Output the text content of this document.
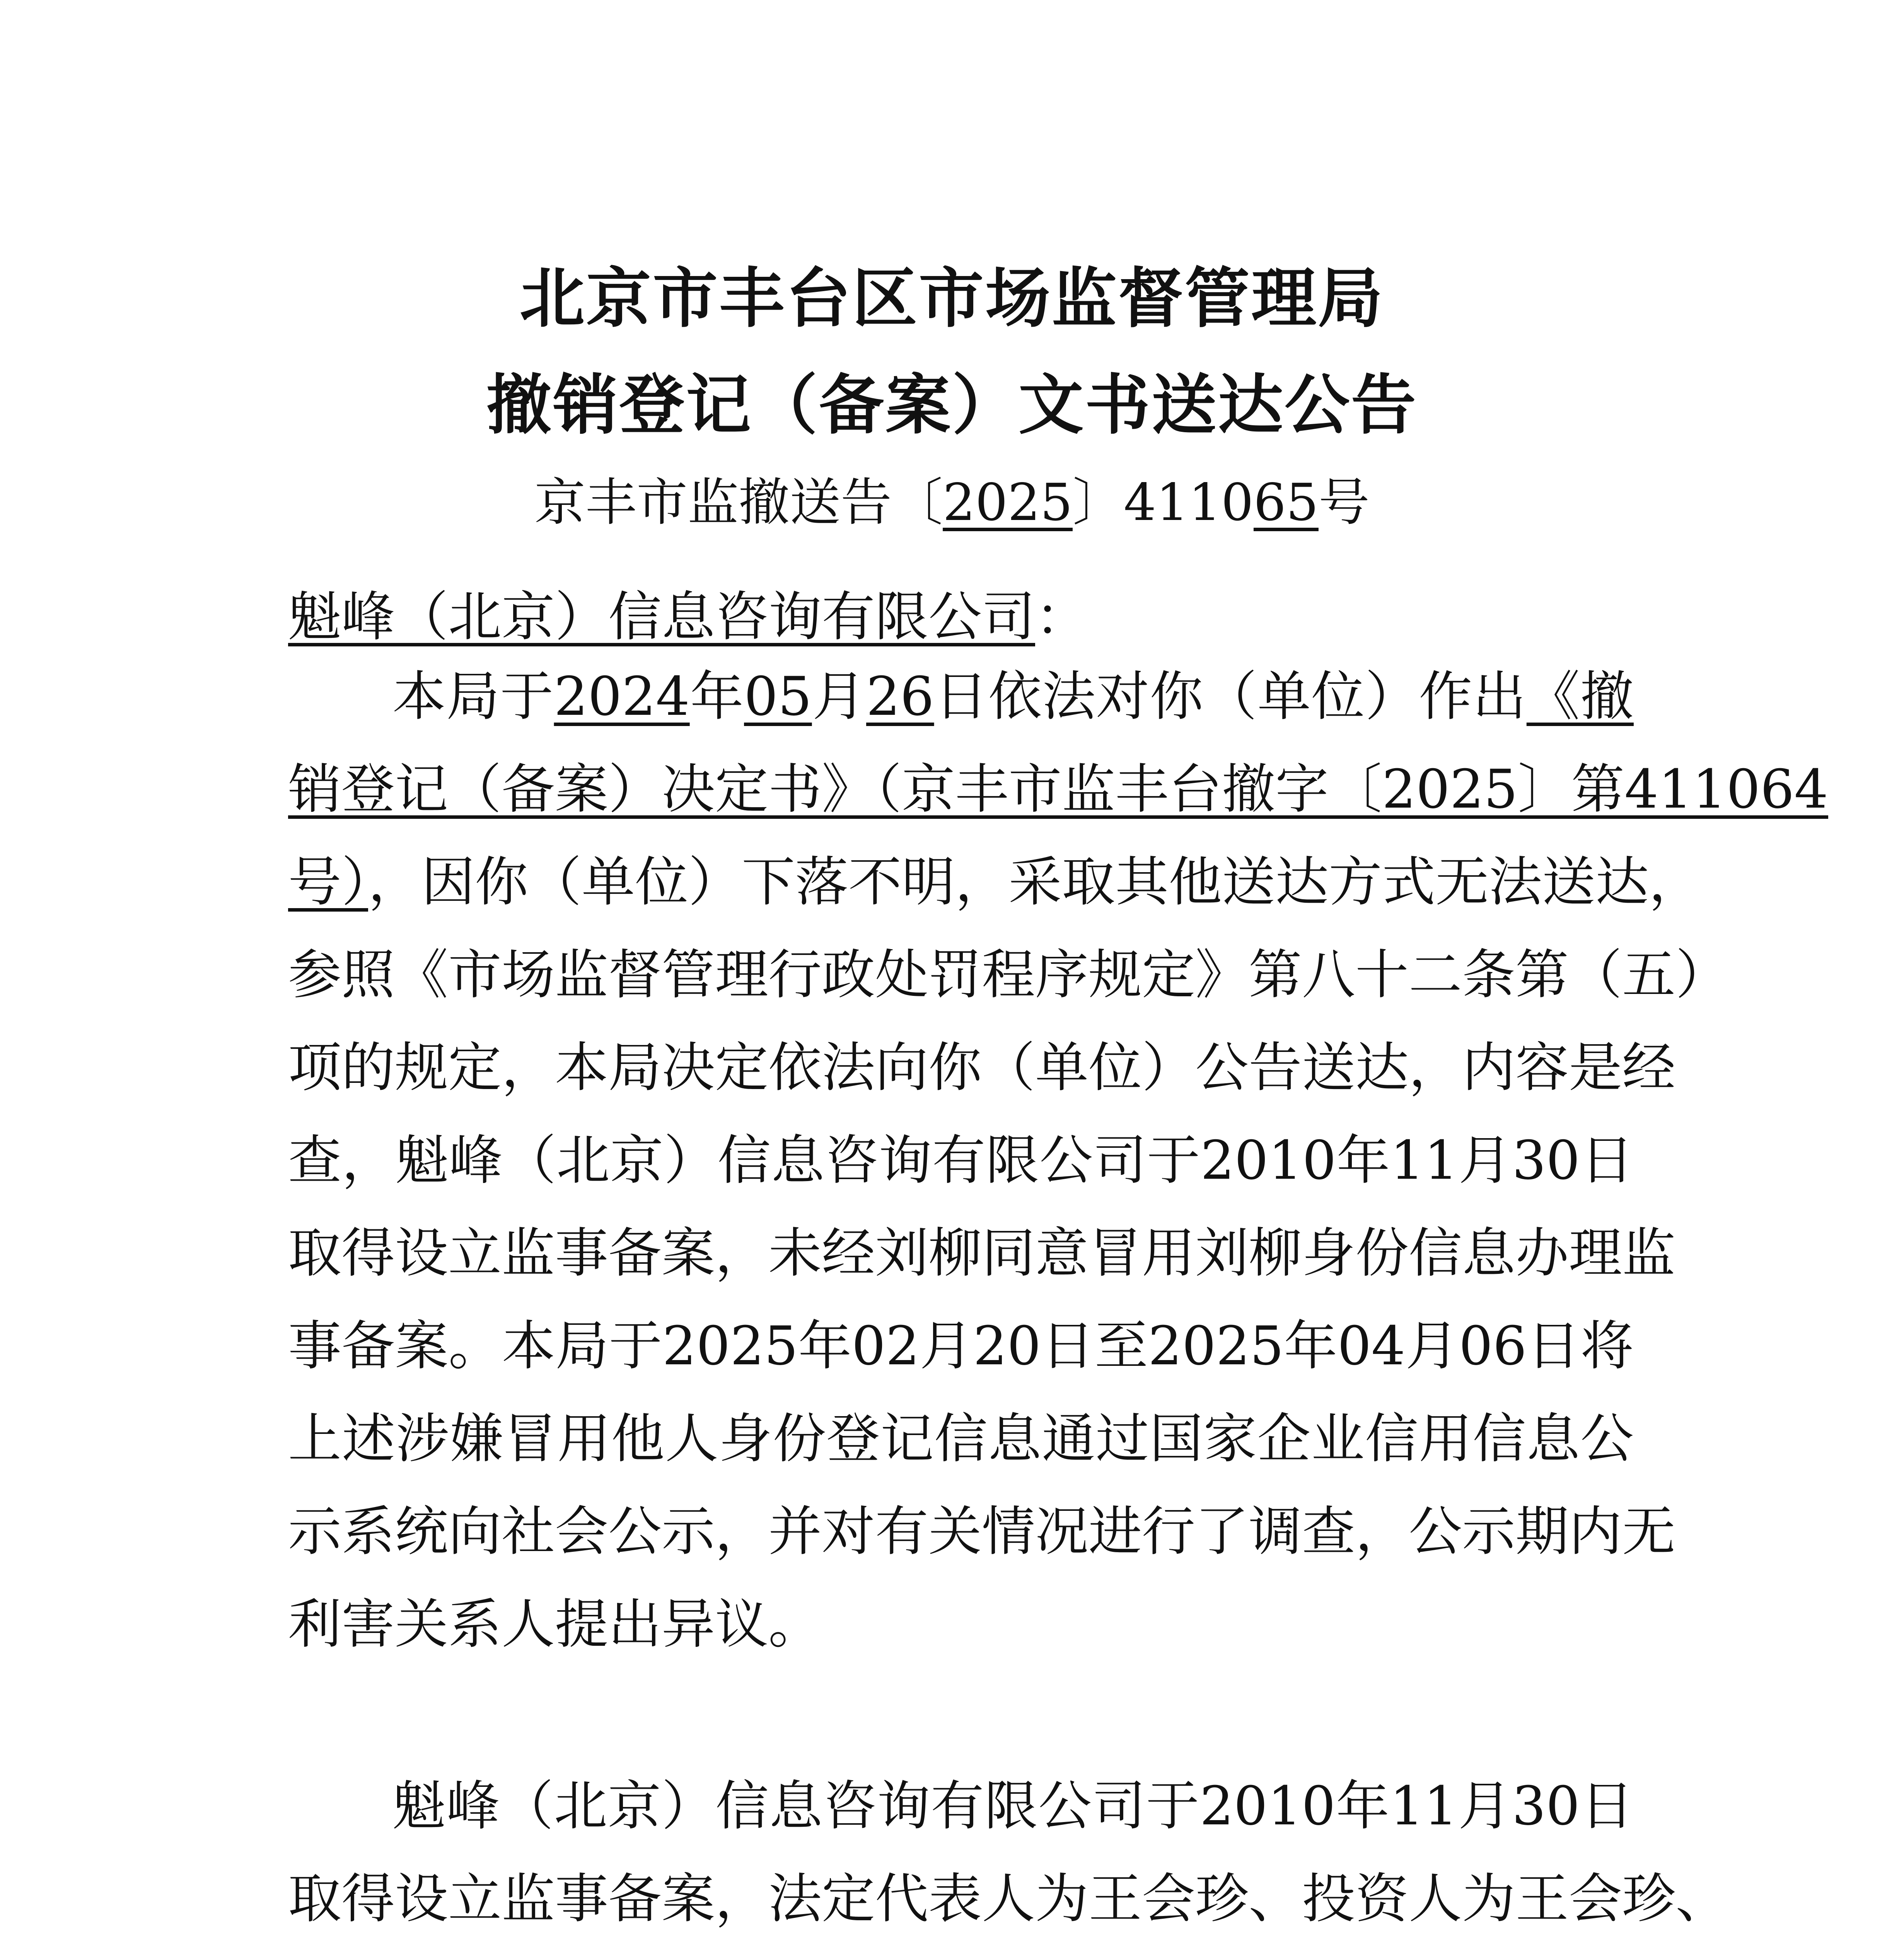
北京市丰台区市场监督管理局
撤销登记（备案）文书送达公告
京丰市监撤送告〔2025〕411065号
魁峰（北京）信息咨询有限公司：
本局于2024年05月26日依法对你（单位）作出《撤
销登记（备案）决定书》（京丰市监丰台撤字〔2025〕第411064
号），因你（单位）下落不明，采取其他送达方式无法送达，
参照《市场监督管理行政处罚程序规定》第八十二条第（五）
项的规定，本局决定依法向你（单位）公告送达，内容是经
查，魁峰（北京）信息咨询有限公司于2010年11月30日
取得设立监事备案，未经刘柳同意冒用刘柳身份信息办理监
事备案。本局于2025年02月20日至2025年04月06日将
上述涉嫌冒用他人身份登记信息通过国家企业信用信息公
示系统向社会公示，并对有关情况进行了调查，公示期内无
利害关系人提出异议。
魁峰（北京）信息咨询有限公司于2010年11月30日
取得设立监事备案，法定代表人为王会珍、投资人为王会珍、
